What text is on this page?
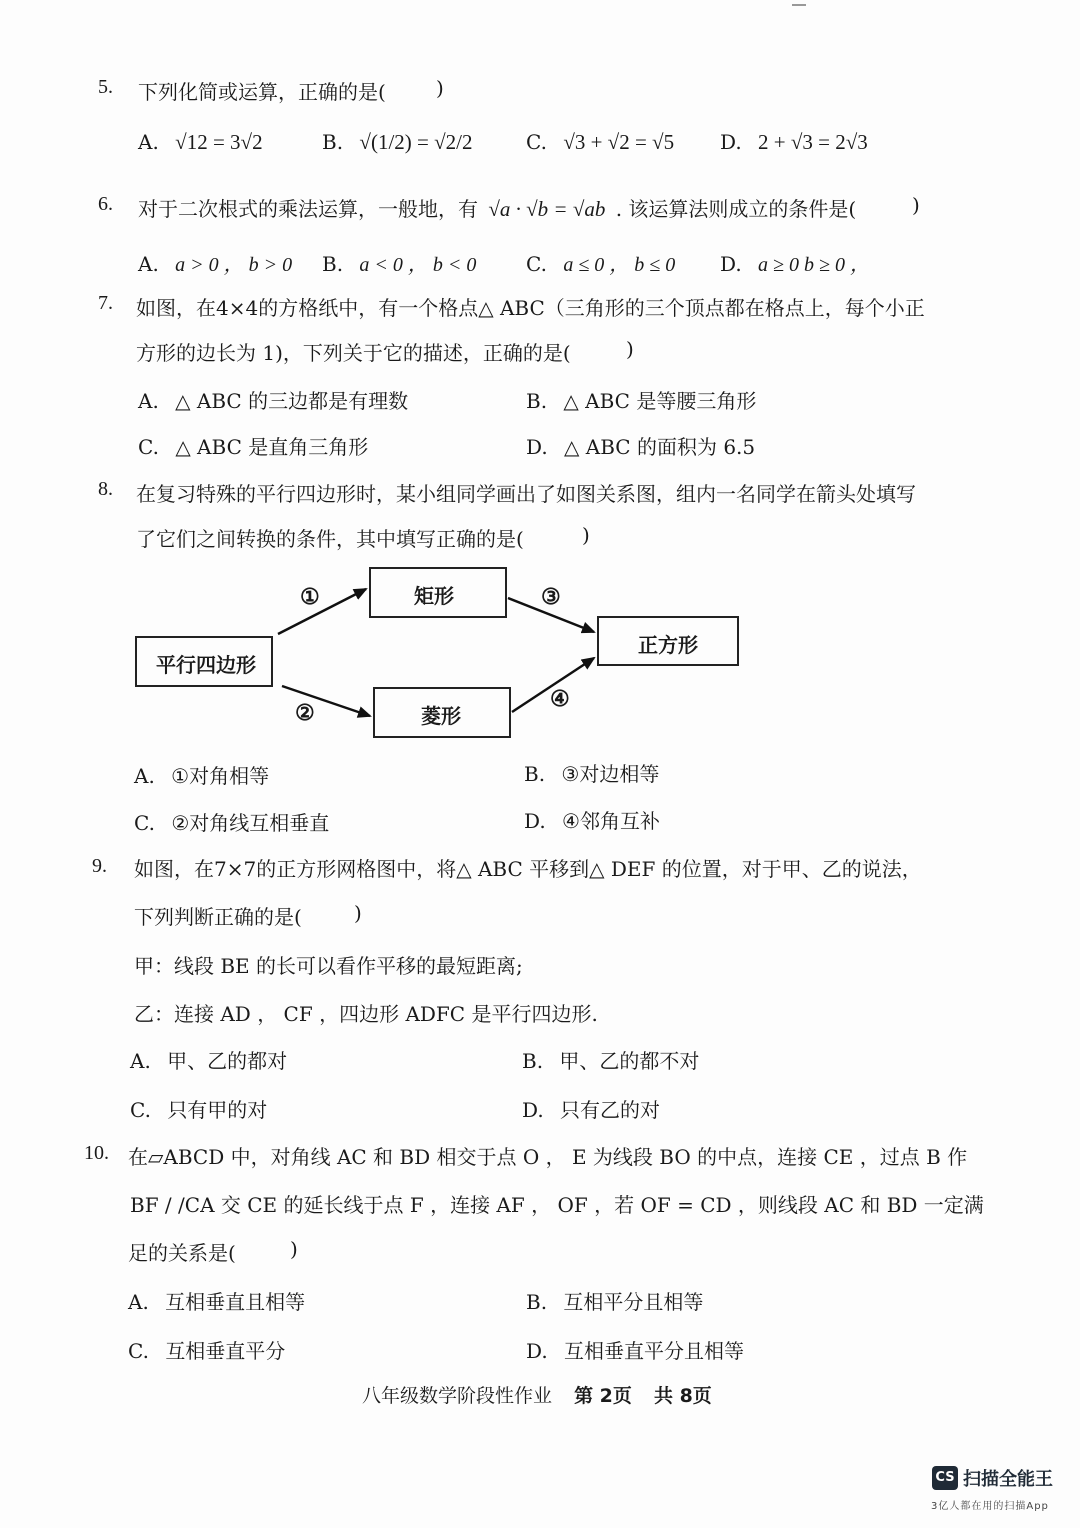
5. 下列化简或运算，正确的是(	)
A. √12 = 3√2	B. √(1/2) = √2/2	C. √3 + √2 = √5 D. 2 + √3 = 2√3
6. 对于二次根式的乘法运算，一般地，有 √a · √b = √ab . 该运算法则成立的条件是(	)
A. a > 0 ， b > 0 B. a < 0 ， b < 0 C. a ≤ 0 ， b ≤ 0 D. a ≥ 0 b ≥ 0 ，
7. 如图，在4×4的方格纸中，有一个格点△ ABC（三角形的三个顶点都在格点上，每个小正
方形的边长为 1)，下列关于它的描述，正确的是(	)
A. △ ABC 的三边都是有理数	B. △ ABC 是等腰三角形
C. △ ABC 是直角三角形	D. △ ABC 的面积为 6.5
8. 在复习特殊的平行四边形时，某小组同学画出了如图关系图，组内一名同学在箭头处填写
了它们之间转换的条件，其中填写正确的是(	)
平行四边形
矩形
菱形
正方形
①
②
③
④
A. ①对角相等	B. ③对边相等
C. ②对角线互相垂直	D. ④邻角互补
9. 如图，在7×7的正方形网格图中，将△ ABC 平移到△ DEF 的位置，对于甲、乙的说法，
下列判断正确的是(	)
甲：线段 BE 的长可以看作平移的最短距离;
乙：连接 AD ， CF ，四边形 ADFC 是平行四边形.
A. 甲、乙的都对	B. 甲、乙的都不对
C. 只有甲的对	D. 只有乙的对
10. 在▱ABCD 中，对角线 AC 和 BD 相交于点 O ， E 为线段 BO 的中点，连接 CE ，过点 B 作
BF / /CA 交 CE 的延长线于点 F ，连接 AF ， OF ，若 OF = CD ，则线段 AC 和 BD 一定满
足的关系是(	)
A. 互相垂直且相等	B. 互相平分且相等
C. 互相垂直平分	D. 互相垂直平分且相等
八年级数学阶段性作业 第 2页 共 8页
CS 扫描全能王
3亿人都在用的扫描App
